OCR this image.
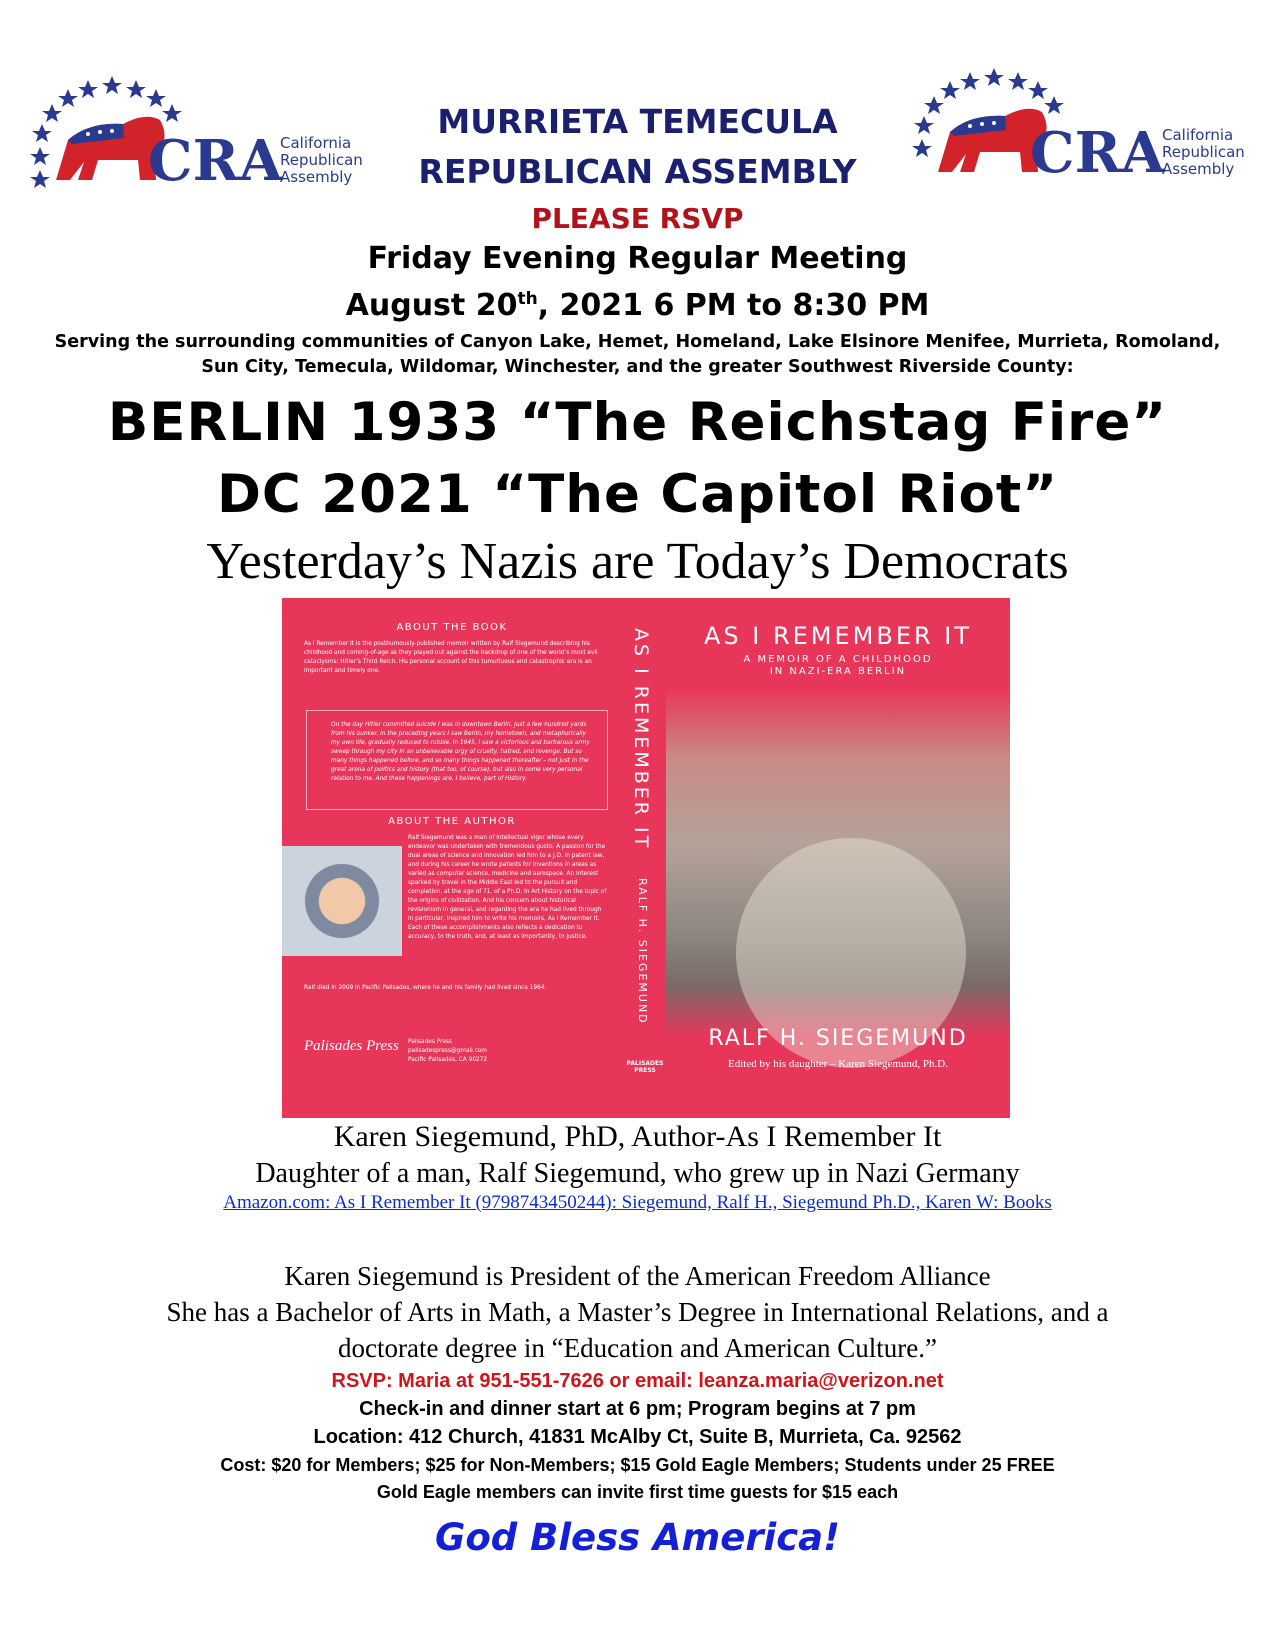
CRA
California
Republican
Assembly	CRA
California
Republican
Assembly
MURRIETA TEMECULA
REPUBLICAN ASSEMBLY
PLEASE RSVP
Friday Evening Regular Meeting
August 20th, 2021 6 PM to 8:30 PM
Serving the surrounding communities of Canyon Lake, Hemet, Homeland, Lake Elsinore Menifee, Murrieta, Romoland,
Sun City, Temecula, Wildomar, Winchester, and the greater Southwest Riverside County:
BERLIN 1933 “The Reichstag Fire”
DC 2021 “The Capitol Riot”
Yesterday’s Nazis are Today’s Democrats
ABOUT THE BOOK
As I Remember It is the posthumously-published memoir written by Ralf Siegemund describing his childhood and coming-of-age as they played out against the backdrop of one of the world’s most evil cataclysms: Hitler’s Third Reich. His personal account of this tumultuous and catastrophic era is an important and timely one.
On the day Hitler committed suicide I was in downtown Berlin, just a few hundred yards from his bunker. In the preceding years I saw Berlin, my hometown, and metaphorically my own life, gradually reduced to rubble. In 1945, I saw a victorious and barbarous army sweep through my city in an unbelievable orgy of cruelty, hatred, and revenge. But so many things happened before, and so many things happened thereafter – not just in the great arena of politics and history (that too, of course), but also in some very personal relation to me. And these happenings are, I believe, part of History.
ABOUT THE AUTHOR
Ralf Siegemund was a man of intellectual vigor whose every endeavor was undertaken with tremendous gusto. A passion for the dual areas of science and innovation led him to a J.D. in patent law, and during his career he wrote patents for inventions in areas as varied as computer science, medicine and aerospace. An interest sparked by travel in the Middle East led to the pursuit and completion, at the age of 71, of a Ph.D. in Art History on the topic of the origins of civilization. And his concern about historical revisionism in general, and regarding the era he had lived through in particular, inspired him to write his memoirs, As I Remember It. Each of these accomplishments also reflects a dedication to accuracy, to the truth, and, at least as importantly, to justice.
Ralf died in 2009 in Pacific Palisades, where he and his family had lived since 1964.
Palisades Press Palisades Press
palisadespress@gmail.com
Pacific Palisades, CA 90272
AS I REMEMBER IT
RALF H. SIEGEMUND
PALISADES
PRESS
AS I REMEMBER IT
A MEMOIR OF A CHILDHOOD
IN NAZI-ERA BERLIN
RALF H. SIEGEMUND
Edited by his daughter – Karen Siegemund, Ph.D.
Karen Siegemund, PhD, Author-As I Remember It
Daughter of a man, Ralf Siegemund, who grew up in Nazi Germany
Amazon.com: As I Remember It (9798743450244): Siegemund, Ralf H., Siegemund Ph.D., Karen W: Books
Karen Siegemund is President of the American Freedom Alliance
She has a Bachelor of Arts in Math, a Master’s Degree in International Relations, and a
doctorate degree in “Education and American Culture.”
RSVP: Maria at 951-551-7626 or email: leanza.maria@verizon.net
Check-in and dinner start at 6 pm; Program begins at 7 pm
Location: 412 Church, 41831 McAlby Ct, Suite B, Murrieta, Ca. 92562
Cost: $20 for Members; $25 for Non-Members; $15 Gold Eagle Members; Students under 25 FREE
Gold Eagle members can invite first time guests for $15 each
God Bless America!
